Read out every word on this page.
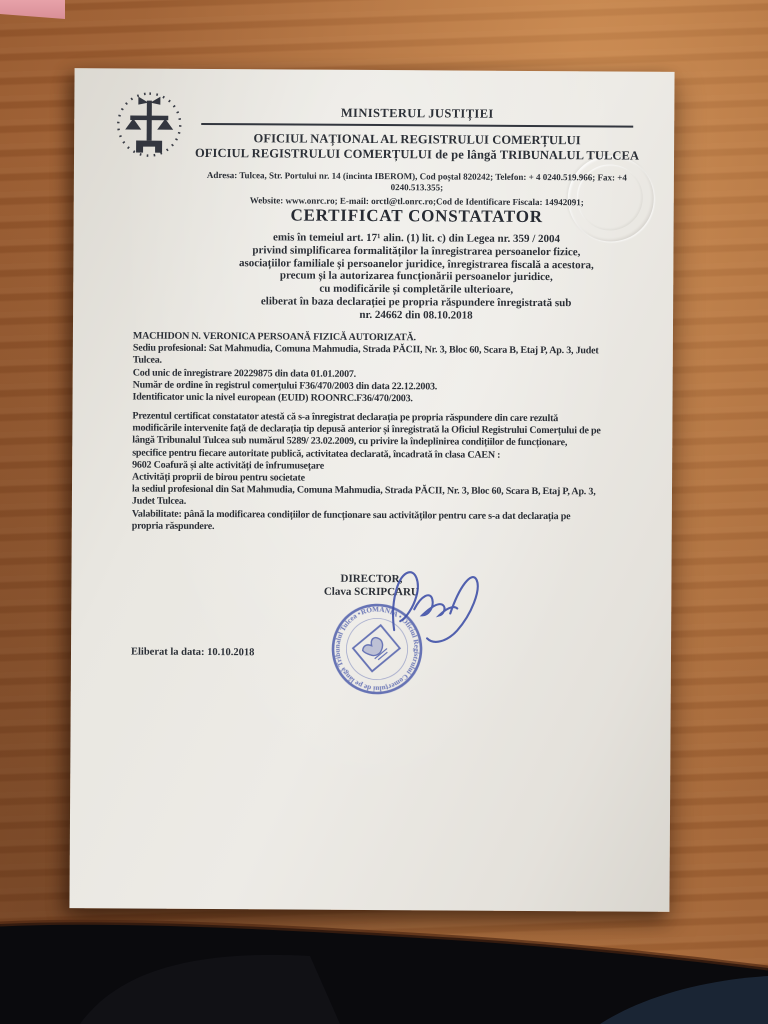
MINISTERUL JUSTIȚIEI
OFICIUL NAȚIONAL AL REGISTRULUI COMERȚULUI
OFICIUL REGISTRULUI COMERȚULUI de pe lângă TRIBUNALUL TULCEA
Adresa: Tulcea, Str. Portului nr. 14 (incinta IBEROM), Cod poștal 820242; Telefon: + 4 0240.519.966; Fax: +4
0240.513.355;
Website: www.onrc.ro; E-mail: orctl@tl.onrc.ro;Cod de Identificare Fiscala: 14942091;
CERTIFICAT CONSTATATOR
emis în temeiul art. 17¹ alin. (1) lit. c) din Legea nr. 359 / 2004
privind simplificarea formalităților la înregistrarea persoanelor fizice,
asociațiilor familiale și persoanelor juridice, înregistrarea fiscală a acestora,
precum și la autorizarea funcționării persoanelor juridice,
cu modificările și completările ulterioare,
eliberat în baza declarației pe propria răspundere înregistrată sub
nr. 24662 din 08.10.2018
MACHIDON N. VERONICA PERSOANĂ FIZICĂ AUTORIZATĂ.
Sediu profesional: Sat Mahmudia, Comuna Mahmudia, Strada PĂCII, Nr. 3, Bloc 60, Scara B, Etaj P, Ap. 3, Judet
Tulcea.
Cod unic de înregistrare 20229875 din data 01.01.2007.
Număr de ordine în registrul comerțului F36/470/2003 din data 22.12.2003.
Identificator unic la nivel european (EUID) ROONRC.F36/470/2003.
Prezentul certificat constatator atestă că s-a înregistrat declarația pe propria răspundere din care rezultă
modificările intervenite față de declarația tip depusă anterior și înregistrată la Oficiul Registrului Comerțului de pe
lângă Tribunalul Tulcea sub numărul 5289/ 23.02.2009, cu privire la îndeplinirea condițiilor de funcționare,
specifice pentru fiecare autoritate publică, activitatea declarată, încadrată în clasa CAEN :
9602 Coafură și alte activități de înfrumusețare
Activități proprii de birou pentru societate
la sediul profesional din Sat Mahmudia, Comuna Mahmudia, Strada PĂCII, Nr. 3, Bloc 60, Scara B, Etaj P, Ap. 3,
Judet Tulcea.
Valabilitate: până la modificarea condițiilor de funcționare sau activităților pentru care s-a dat declarația pe
propria răspundere.
DIRECTOR,
Clava SCRIPCARU
ROMÂNIA • Oficiul Registrului Comerțului de pe lângă Tribunalul Tulcea •
Eliberat la data: 10.10.2018
